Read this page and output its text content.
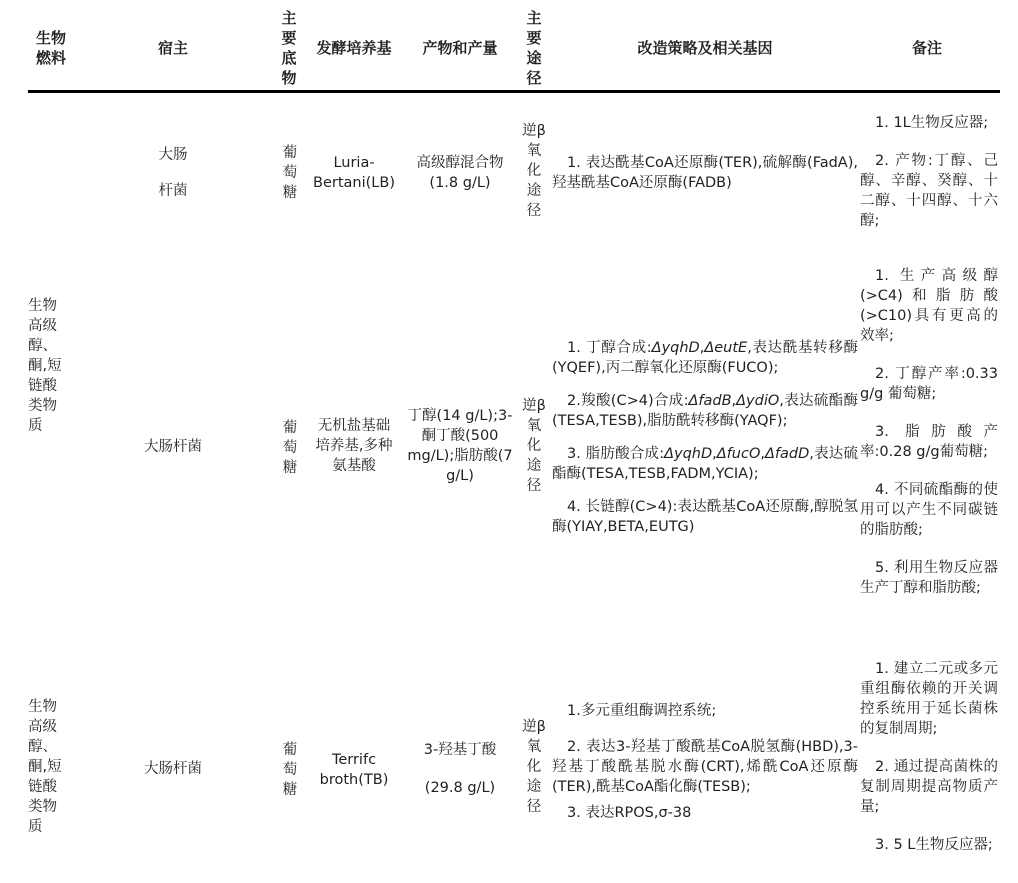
生物
燃料
宿主
主
要
底
物
发酵培养基	产物和产量
主
要
途
径
改造策略及相关基因	备注
大肠
杆菌
葡
萄
糖
Luria-
Bertani(LB)
高级醇混合物
(1.8 g/L)
逆β
氧
化
途
径

1. 表达酰基CoA还原酶(TER),硫解酶(FadA),羟基酰基CoA还原酶(FADB)

1. 1L生物反应器;

2. 产物:丁醇、己醇、辛醇、癸醇、十二醇、十四醇、十六醇;

生物
高级
醇、
酮,短
链酸
类物
质
大肠杆菌
葡
萄
糖
无机盐基础
培养基,多种
氨基酸
丁醇(14 g/L);3-
酮丁酸(500
mg/L);脂肪酸(7
g/L)
逆β
氧
化
途
径

1. 丁醇合成:ΔyqhD,ΔeutE,表达酰基转移酶(YQEF),丙二醇氧化还原酶(FUCO);

2.羧酸(C>4)合成:ΔfadB,ΔydiO,表达硫酯酶(TESA,TESB),脂肪酰转移酶(YAQF);

3. 脂肪酸合成:ΔyqhD,ΔfucO,ΔfadD,表达硫酯酶(TESA,TESB,FADM,YCIA);

4. 长链醇(C>4):表达酰基CoA还原酶,醇脱氢酶(YIAY,BETA,EUTG)

1. 生产高级醇(>C4)和脂肪酸(>C10)具有更高的效率;

2. 丁醇产率:0.33 g/g 葡萄糖;

3. 脂肪酸产率:0.28 g/g葡萄糖;

4. 不同硫酯酶的使用可以产生不同碳链的脂肪酸;

5. 利用生物反应器生产丁醇和脂肪酸;

生物
高级
醇、
酮,短
链酸
类物
质
大肠杆菌
葡
萄
糖
Terrifc
broth(TB)
3-羟基丁酸
(29.8 g/L)
逆β
氧
化
途
径

1.多元重组酶调控系统;

2. 表达3-羟基丁酸酰基CoA脱氢酶(HBD),3-羟基丁酸酰基脱水酶(CRT),烯酰CoA还原酶(TER),酰基CoA酯化酶(TESB);

3. 表达RPOS,σ-38

1. 建立二元或多元重组酶依赖的开关调控系统用于延长菌株的复制周期;

2. 通过提高菌株的复制周期提高物质产量;

3. 5 L生物反应器;
